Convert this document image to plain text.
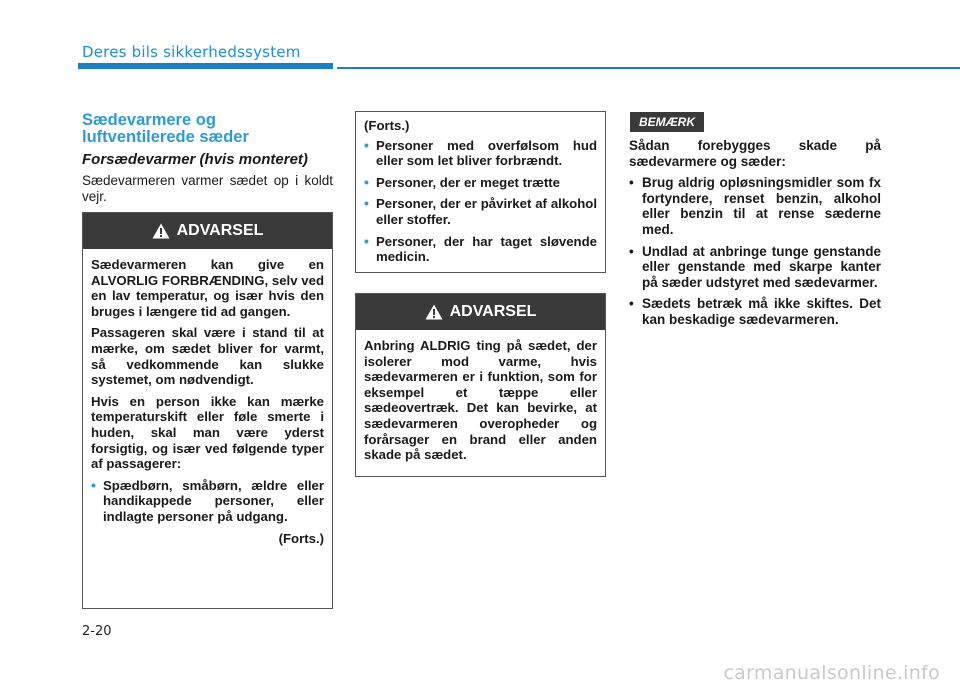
Deres bils sikkerhedssystem
Sædevarmere og
luftventilerede sæder
Forsædevarmer (hvis monteret)
Sædevarmeren varmer sædet op i koldt vejr.
ADVARSEL

Sædevarmeren kan give en ALVORLIG FORBRÆNDING, selv ved en lav temperatur, og især hvis den bruges i længere tid ad gangen.

Passageren skal være i stand til at mærke, om sædet bliver for varmt, så vedkommende kan slukke systemet, om nødvendigt.

Hvis en person ikke kan mærke temperaturskift eller føle smerte i huden, skal man være yderst forsigtig, og især ved følgende typer af passagerer:

• Spædbørn, småbørn, ældre eller handikappede personer, eller indlagte personer på udgang.
(Forts.)

(Forts.)

• Personer med overfølsom hud eller som let bliver forbrændt.
• Personer, der er meget trætte
• Personer, der er påvirket af alkohol eller stoffer.
• Personer, der har taget sløvende medicin.
ADVARSEL

Anbring ALDRIG ting på sædet, der isolerer mod varme, hvis sædevarmeren er i funktion, som for eksempel et tæppe eller sædeovertræk. Det kan bevirke, at sædevarmeren overopheder og forårsager en brand eller anden skade på sædet.

BEMÆRK

Sådan forebygges skade på sædevarmere og sæder:

• Brug aldrig opløsningsmidler som fx fortyndere, renset benzin, alkohol eller benzin til at rense sæderne med.
• Undlad at anbringe tunge genstande eller genstande med skarpe kanter på sæder udstyret med sædevarmer.
• Sædets betræk må ikke skiftes. Det kan beskadige sædevarmeren.
2-20
carmanualsonline.info
